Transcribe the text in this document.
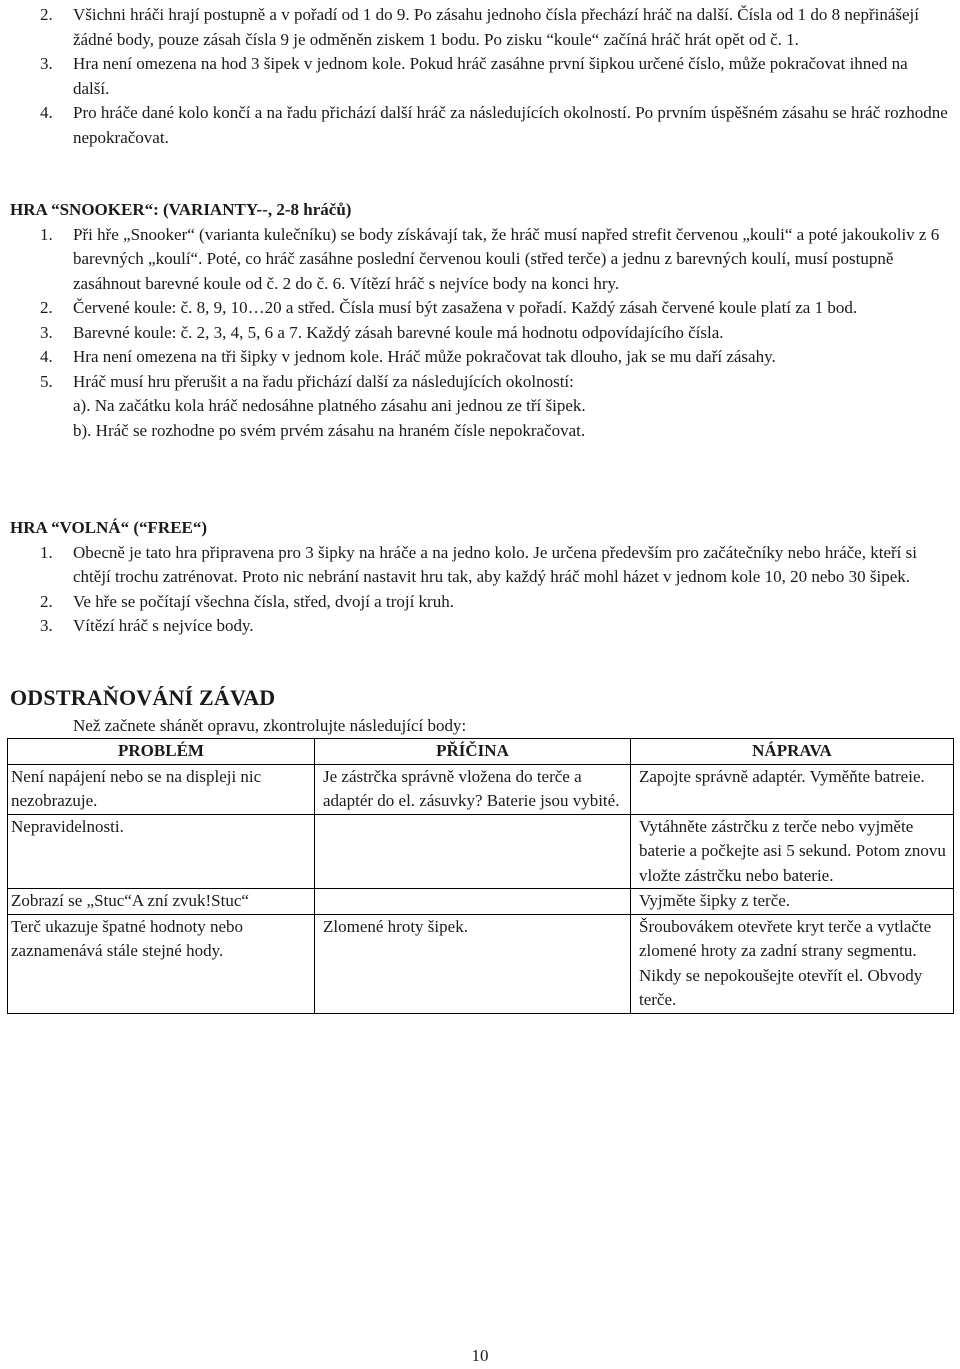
2. Všichni hráči hrají postupně a v pořadí od 1 do 9. Po zásahu jednoho čísla přechází hráč na další. Čísla od 1 do 8 nepřinášejí žádné body, pouze zásah čísla 9 je odměněn ziskem 1 bodu. Po zisku “koule“ začíná hráč hrát opět od č. 1.
3. Hra není omezena na hod 3 šipek v jednom kole. Pokud hráč zasáhne první šipkou určené číslo, může pokračovat ihned na další.
4. Pro hráče dané kolo končí a na řadu přichází další hráč za následujících okolností. Po prvním úspěšném zásahu se hráč rozhodne nepokračovat.
HRA “SNOOKER“: (VARIANTY--, 2-8 hráčů)
1. Při hře „Snooker“ (varianta kulečníku) se body získávají tak, že hráč musí napřed strefit červenou „kouli“ a poté jakoukoliv z 6 barevných „koulí“. Poté, co hráč zasáhne poslední červenou kouli (střed terče) a jednu z barevných koulí, musí postupně zasáhnout barevné koule od č. 2 do č. 6. Vítězí hráč s nejvíce body na konci hry.
2. Červené koule: č. 8, 9, 10…20 a střed. Čísla musí být zasažena v pořadí. Každý zásah červené koule platí za 1 bod.
3. Barevné koule: č. 2, 3, 4, 5, 6 a 7. Každý zásah barevné koule má hodnotu odpovídajícího čísla.
4. Hra není omezena na tři šipky v jednom kole. Hráč může pokračovat tak dlouho, jak se mu daří zásahy.
5. Hráč musí hru přerušit a na řadu přichází další za následujících okolností:
a). Na začátku kola hráč nedosáhne platného zásahu ani jednou ze tří šipek.
b). Hráč se rozhodne po svém prvém zásahu na hraném čísle nepokračovat.
HRA “VOLNÁ“ (“FREE“)
1. Obecně je tato hra připravena pro 3 šipky na hráče a na jedno kolo. Je určena především pro začátečníky nebo hráče, kteří si chtějí trochu zatrénovat. Proto nic nebrání nastavit hru tak, aby každý hráč mohl házet v jednom kole 10, 20 nebo 30 šipek.
2. Ve hře se počítají všechna čísla, střed, dvojí a trojí kruh.
3. Vítězí hráč s nejvíce body.
ODSTRAŇOVÁNÍ ZÁVAD
Než začnete shánět opravu, zkontrolujte následující body:
PROBLÉM	PŘÍČINA	NÁPRAVA
Není napájení nebo se na displeji nic nezobrazuje.	Je zástrčka správně vložena do terče a adaptér do el. zásuvky? Baterie jsou vybité.	Zapojte správně adaptér. Vyměňte batreie.
Nepravidelnosti.		Vytáhněte zástrčku z terče nebo vyjměte baterie a počkejte asi 5 sekund. Potom znovu vložte zástrčku nebo baterie.
Zobrazí se „Stuc“A zní zvuk!Stuc“		Vyjměte šipky z terče.
Terč ukazuje špatné hodnoty nebo zaznamenává stále stejné hody.	Zlomené hroty šipek.	Šroubovákem otevřete kryt terče a vytlačte zlomené hroty za zadní strany segmentu. Nikdy se nepokoušejte otevřít el. Obvody terče.
10
